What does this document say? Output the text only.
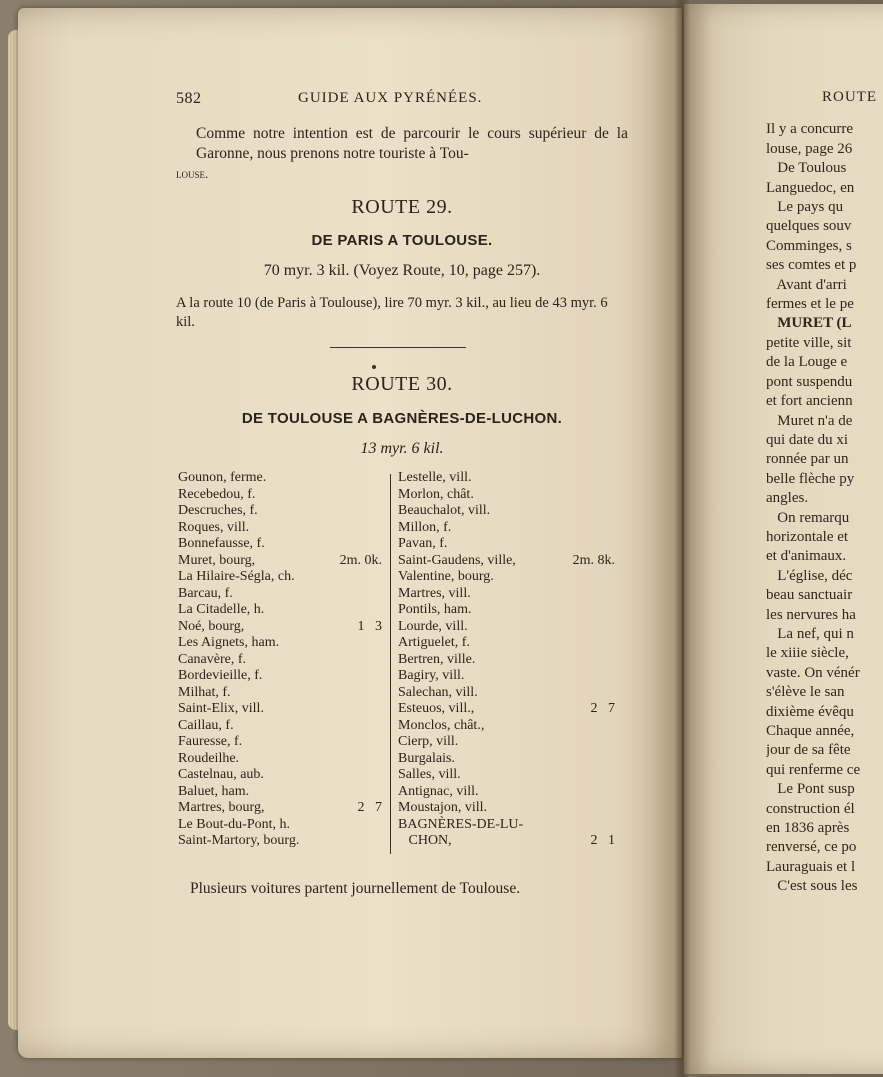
582	GUIDE AUX PYRÉNÉES.
Comme notre intention est de parcourir le cours supérieur de la Garonne, nous prenons notre touriste à Tou-
louse.
ROUTE 29.
DE PARIS A TOULOUSE.
70 myr. 3 kil. (Voyez Route, 10, page 257).
A la route 10 (de Paris à Toulouse), lire 70 myr. 3 kil., au lieu de 43 myr. 6 kil.
ROUTE 30.
DE TOULOUSE A BAGNÈRES-DE-LUCHON.
13 myr. 6 kil.
Gounon, ferme.
Recebedou, f.
Descruches, f.
Roques, vill.
Bonnefausse, f.
Muret, bourg,	2m. 0k.
La Hilaire-Ségla, ch.
Barcau, f.
La Citadelle, h.
Noé, bourg,	1   3
Les Aignets, ham.
Canavère, f.
Bordevieille, f.
Milhat, f.
Saint-Elix, vill.
Caillau, f.
Fauresse, f.
Roudeilhe.
Castelnau, aub.
Baluet, ham.
Martres, bourg,	2   7
Le Bout-du-Pont, h.
Saint-Martory, bourg.
Lestelle, vill.
Morlon, chât.
Beauchalot, vill.
Millon, f.
Pavan, f.
Saint-Gaudens, ville,	2m. 8k.
Valentine, bourg.
Martres, vill.
Pontils, ham.
Lourde, vill.
Artiguelet, f.
Bertren, ville.
Bagiry, vill.
Salechan, vill.
Esteuos, vill.,	2   7
Monclos, chât.,
Cierp, vill.
Burgalais.
Salles, vill.
Antignac, vill.
Moustajon, vill.
BAGNÈRES-DE-LU-
CHON,	2   1
Plusieurs voitures partent journellement de Toulouse.
ROUTE
Il y a concurre
louse, page 26
De Toulous
Languedoc, en
Le pays qu
quelques souv
Comminges, s
ses comtes et p
Avant d'arri
fermes et le pe
MURET (L
petite ville, sit
de la Louge e
pont suspendu
et fort ancienn
Muret n'a de
qui date du xi
ronnée par un
belle flèche py
angles.
On remarqu
horizontale et
et d'animaux.
L'église, déc
beau sanctuair
les nervures ha
La nef, qui n
le xiiie siècle,
vaste. On vénér
s'élève le san
dixième évêqu
Chaque année,
jour de sa fête
qui renferme ce
Le Pont susp
construction él
en 1836 après
renversé, ce po
Lauraguais et l
C'est sous les
